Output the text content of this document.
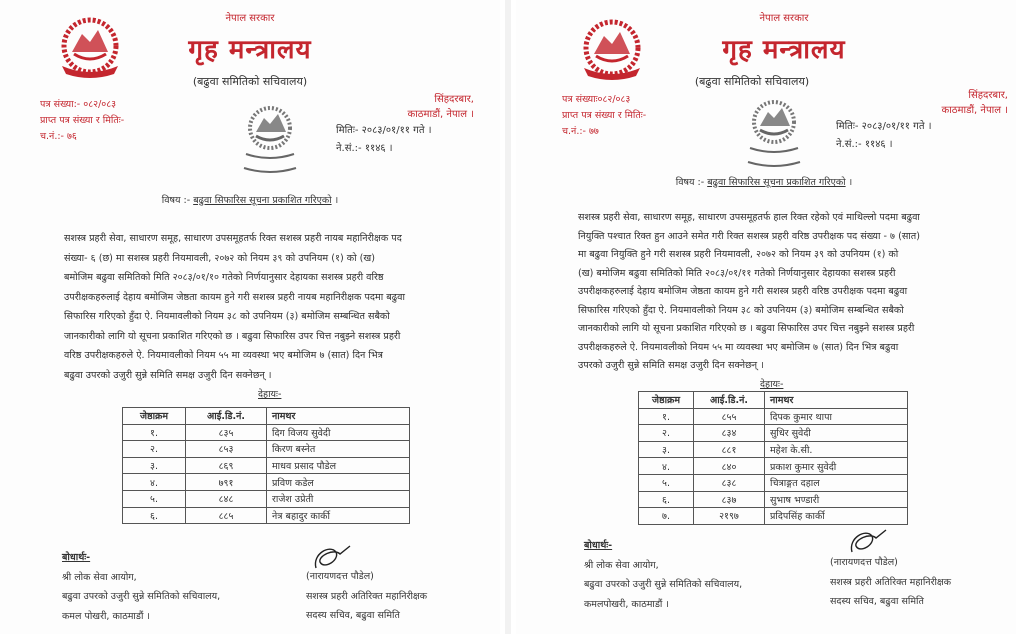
नेपाल सरकार
गृह मन्त्रालय
(बढुवा समितिको सचिवालय)
पत्र संख्या:- ०८२/०८३
प्राप्त पत्र संख्या र मितिः-
च.नं.:- ७६
सिंहदरबार,
काठमाडौं, नेपाल ।
मितिः- २०८३/०१/११ गते ।
ने.सं.:- ११४६ ।
विषय :- बढुवा सिफारिस सूचना प्रकाशित गरिएको ।
सशस्त्र प्रहरी सेवा, साधारण समूह, साधारण उपसमूहतर्फ रिक्त सशस्त्र प्रहरी नायब महानिरीक्षक पद
संख्या- ६ (छ) मा सशस्त्र प्रहरी नियमावली, २०७२ को नियम ३९ को उपनियम (१) को (ख)
बमोजिम बढुवा समितिको मिति २०८३/०१/१० गतेको निर्णयानुसार देहायका सशस्त्र प्रहरी वरिष्ठ
उपरीक्षकहरुलाई देहाय बमोजिम जेष्ठता कायम हुने गरी सशस्त्र प्रहरी नायब महानिरीक्षक पदमा बढुवा
सिफारिस गरिएको हुँदा ऐ. नियमावलीको नियम ३८ को उपनियम (३) बमोजिम सम्बन्धित सबैको
जानकारीको लागि यो सूचना प्रकाशित गरिएको छ । बढुवा सिफारिस उपर चित्त नबुझ्ने सशस्त्र प्रहरी
वरिष्ठ उपरीक्षकहरुले ऐ. नियमावलीको नियम ५५ मा व्यवस्था भए बमोजिम ७ (सात) दिन भित्र
बढुवा उपरको उजुरी सुन्ने समिति समक्ष उजुरी दिन सक्नेछन् ।
देहायः-
जेष्ठाक्रम	आई.डि.नं.	नामथर
१.	८३५	दिग विजय सुवेदी
२.	८५३	किरण बस्नेत
३.	८६९	माधव प्रसाद पौडेल
४.	७९१	प्रविण कडेल
५.	८४८	राजेश उप्रेती
६.	८८५	नेत्र बहादुर कार्की
बोधार्थः-
श्री लोक सेवा आयोग,
बढुवा उपरको उजुरी सुन्ने समितिको सचिवालय,
कमल पोखरी, काठमाडौं ।
(नारायणदत्त पौडेल)
सशस्त्र प्रहरी अतिरिक्त महानिरीक्षक
सदस्य सचिव, बढुवा समिति
नेपाल सरकार
गृह मन्त्रालय
(बढुवा समितिको सचिवालय)
पत्र संख्याः०८२/०८३
प्राप्त पत्र संख्या र मितिः-
च.नं.:- ७७
सिंहदरबार,
काठमाडौं, नेपाल ।
मितिः- २०८३/०१/११ गते ।
ने.सं.:- ११४६ ।
विषय :- बढुवा सिफारिस सूचना प्रकाशित गरिएको ।
सशस्त्र प्रहरी सेवा, साधारण समूह, साधारण उपसमूहतर्फ हाल रिक्त रहेको एवं माथिल्लो पदमा बढुवा
नियुक्ति पश्चात रिक्त हुन आउने समेत गरी रिक्त सशस्त्र प्रहरी वरिष्ठ उपरीक्षक पद संख्या - ७ (सात)
मा बढुवा नियुक्ति हुने गरी सशस्त्र प्रहरी नियमावली, २०७२ को नियम ३९ को उपनियम (१) को
(ख) बमोजिम बढुवा समितिको मिति २०८३/०१/११ गतेको निर्णयानुसार देहायका सशस्त्र प्रहरी
उपरीक्षकहरुलाई देहाय बमोजिम जेष्ठता कायम हुने गरी सशस्त्र प्रहरी वरिष्ठ उपरीक्षक पदमा बढुवा
सिफारिस गरिएको हुँदा ऐ. नियमावलीको नियम ३८ को उपनियम (३) बमोजिम सम्बन्धित सबैको
जानकारीको लागि यो सूचना प्रकाशित गरिएको छ । बढुवा सिफारिस उपर चित्त नबुझ्ने सशस्त्र प्रहरी
उपरीक्षकहरुले ऐ. नियमावलीको नियम ५५ मा व्यवस्था भए बमोजिम ७ (सात) दिन भित्र बढुवा
उपरको उजुरी सुन्ने समिति समक्ष उजुरी दिन सक्नेछन् ।
देहायः-
जेष्ठाक्रम	आई.डि.नं.	नामथर
१.	८५५	दिपक कुमार थापा
२.	८३४	सुधिर सुवेदी
३.	८८१	महेश के.सी.
४.	८४०	प्रकाश कुमार सुवेदी
५.	८३८	चित्राङ्गत दहाल
६.	८३७	सुभाष भण्डारी
७.	२१९७	प्रदिपसिंह कार्की
बोधार्थः-
श्री लोक सेवा आयोग,
बढुवा उपरको उजुरी सुन्ने समितिको सचिवालय,
कमलपोखरी, काठमाडौं ।
(नारायणदत्त पौडेल)
सशस्त्र प्रहरी अतिरिक्त महानिरीक्षक
सदस्य सचिव, बढुवा समिति
